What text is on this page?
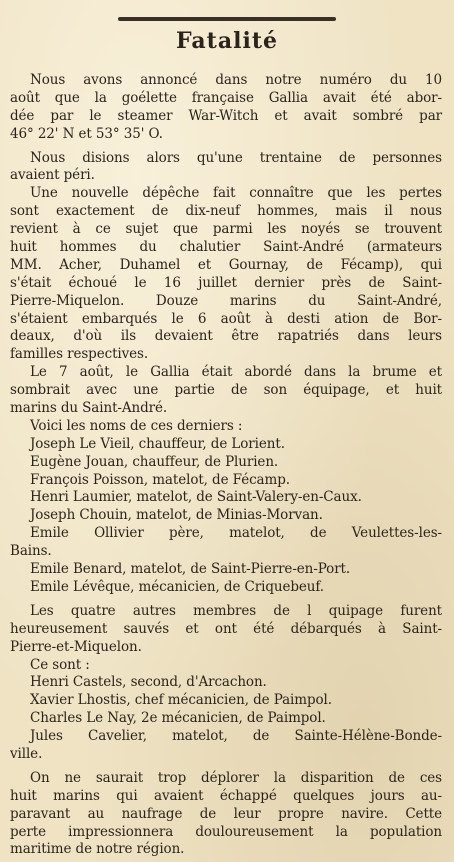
Fatalité
Nous avons annoncé dans notre numéro du 10
août que la goélette française Gallia avait été abor-
dée par le steamer War-Witch et avait sombré par
46° 22' N et 53° 35' O.
Nous disions alors qu'une trentaine de personnes
avaient péri.
Une nouvelle dépêche fait connaître que les pertes
sont exactement de dix-neuf hommes, mais il nous
revient à ce sujet que parmi les noyés se trouvent
huit hommes du chalutier Saint-André (armateurs
MM. Acher, Duhamel et Gournay, de Fécamp), qui
s'était échoué le 16 juillet dernier près de Saint-
Pierre-Miquelon. Douze marins du Saint-André,
s'étaient embarqués le 6 août à desti ation de Bor-
deaux, d'où ils devaient être rapatriés dans leurs
familles respectives.
Le 7 août, le Gallia était abordé dans la brume et
sombrait avec une partie de son équipage, et huit
marins du Saint-André.
Voici les noms de ces derniers :
Joseph Le Vieil, chauffeur, de Lorient.
Eugène Jouan, chauffeur, de Plurien.
François Poisson, matelot, de Fécamp.
Henri Laumier, matelot, de Saint-Valery-en-Caux.
Joseph Chouin, matelot, de Minias-Morvan.
Emile Ollivier père, matelot, de Veulettes-les-
Bains.
Emile Benard, matelot, de Saint-Pierre-en-Port.
Emile Lévêque, mécanicien, de Criquebeuf.
Les quatre autres membres de l quipage furent
heureusement sauvés et ont été débarqués à Saint-
Pierre-et-Miquelon.
Ce sont :
Henri Castels, second, d'Arcachon.
Xavier Lhostis, chef mécanicien, de Paimpol.
Charles Le Nay, 2e mécanicien, de Paimpol.
Jules Cavelier, matelot, de Sainte-Hélène-Bonde-
ville.
On ne saurait trop déplorer la disparition de ces
huit marins qui avaient échappé quelques jours au-
paravant au naufrage de leur propre navire. Cette
perte impressionnera douloureusement la population
maritime de notre région.
